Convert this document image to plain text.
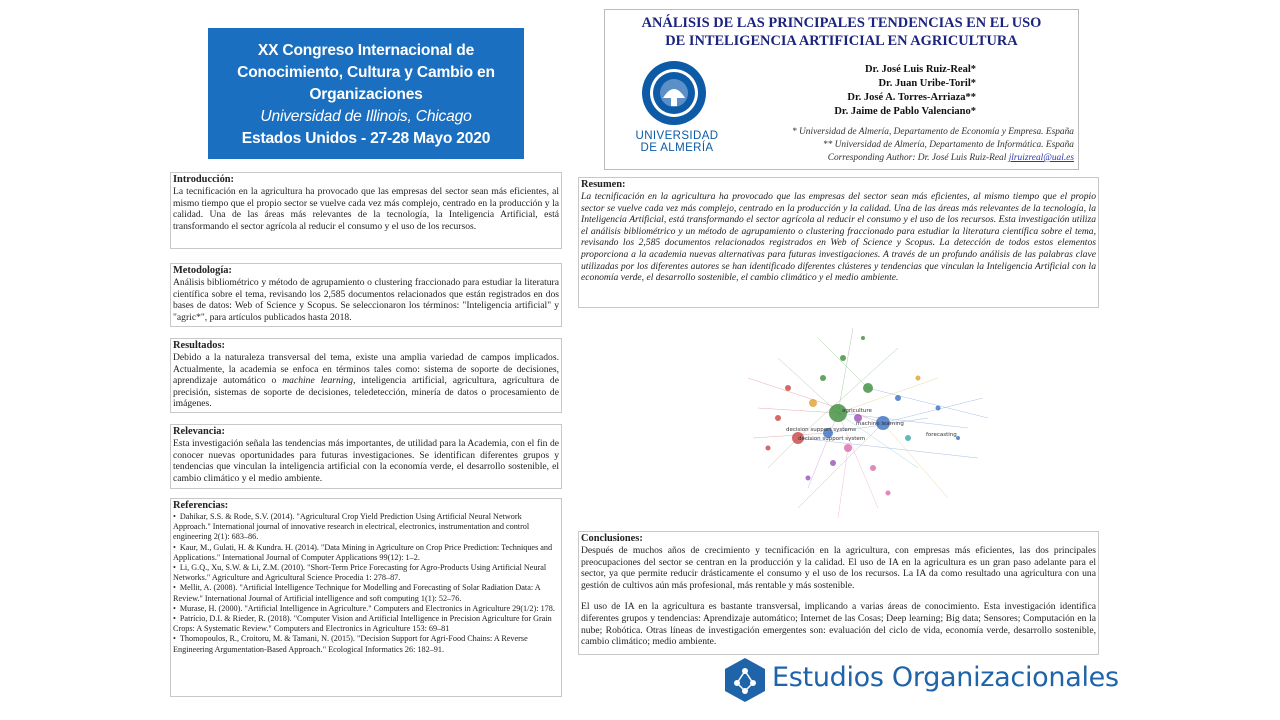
XX Congreso Internacional de
Conocimiento, Cultura y Cambio en
Organizaciones
Universidad de Illinois, Chicago
Estados Unidos - 27-28 Mayo 2020
ANÁLISIS DE LAS PRINCIPALES TENDENCIAS EN EL USO
DE INTELIGENCIA ARTIFICIAL EN AGRICULTURA
UNIVERSIDAD
DE ALMERÍA
Dr. José Luis Ruiz-Real*
Dr. Juan Uribe-Toril*
Dr. José A. Torres-Arriaza**
Dr. Jaime de Pablo Valenciano*
* Universidad de Almería, Departamento de Economía y Empresa. España
** Universidad de Almería, Departamento de Informática. España
Corresponding Author: Dr. José Luis Ruiz-Real jlruizreal@ual.es
Introducción:

La tecnificación en la agricultura ha provocado que las empresas del sector sean más eficientes, al mismo tiempo que el propio sector se vuelve cada vez más complejo, centrado en la producción y la calidad. Una de las áreas más relevantes de la tecnología, la Inteligencia Artificial, está transformando el sector agrícola al reducir el consumo y el uso de los recursos.

Metodología:

Análisis bibliométrico y método de agrupamiento o clustering fraccionado para estudiar la literatura científica sobre el tema, revisando los 2,585 documentos relacionados que están registrados en dos bases de datos: Web of Science y Scopus. Se seleccionaron los términos: "Inteligencia artificial" y "agric*", para artículos publicados hasta 2018.

Resultados:

Debido a la naturaleza transversal del tema, existe una amplia variedad de campos implicados. Actualmente, la academia se enfoca en términos tales como: sistema de soporte de decisiones, aprendizaje automático o machine learning, inteligencia artificial, agricultura, agricultura de precisión, sistemas de soporte de decisiones, teledetección, minería de datos o procesamiento de imágenes.

Relevancia:

Esta investigación señala las tendencias más importantes, de utilidad para la Academia, con el fin de conocer nuevas oportunidades para futuras investigaciones. Se identifican diferentes grupos y tendencias que vinculan la inteligencia artificial con la economía verde, el desarrollo sostenible, el cambio climático y el medio ambiente.

Referencias:
• Dahikar, S.S. & Rode, S.V. (2014). "Agricultural Crop Yield Prediction Using Artificial Neural Network Approach." International journal of innovative research in electrical, electronics, instrumentation and control engineering 2(1): 683–86.
• Kaur, M., Gulati, H. & Kundra. H. (2014). "Data Mining in Agriculture on Crop Price Prediction: Techniques and Applications." International Journal of Computer Applications 99(12): 1–2.
• Li, G.Q., Xu, S.W. & Li, Z.M. (2010). "Short-Term Price Forecasting for Agro-Products Using Artificial Neural Networks." Agriculture and Agricultural Science Procedia 1: 278–87.
• Mellit, A. (2008). "Artificial Intelligence Technique for Modelling and Forecasting of Solar Radiation Data: A Review." International Journal of Artificial intelligence and soft computing 1(1): 52–76.
• Murase, H. (2000). "Artificial Intelligence in Agriculture." Computers and Electronics in Agriculture 29(1/2): 178.
• Patrício, D.I. & Rieder, R. (2018). "Computer Vision and Artificial Intelligence in Precision Agriculture for Grain Crops: A Systematic Review." Computers and Electronics in Agriculture 153: 69–81
• Thomopoulos, R., Croitoru, M. & Tamani, N. (2015). "Decision Support for Agri-Food Chains: A Reverse Engineering Argumentation-Based Approach." Ecological Informatics 26: 182–91.
Resumen:

La tecnificación en la agricultura ha provocado que las empresas del sector sean más eficientes, al mismo tiempo que el propio sector se vuelve cada vez más complejo, centrado en la producción y la calidad. Una de las áreas más relevantes de la tecnología, la Inteligencia Artificial, está transformando el sector agrícola al reducir el consumo y el uso de los recursos. Esta investigación utiliza el análisis bibliométrico y un método de agrupamiento o clustering fraccionado para estudiar la literatura científica sobre el tema, revisando los 2,585 documentos relacionados registrados en Web of Science y Scopus. La detección de todos estos elementos proporciona a la academia nuevas alternativas para futuras investigaciones. A través de un profundo análisis de las palabras clave utilizadas por los diferentes autores se han identificado diferentes clústeres y tendencias que vinculan la Inteligencia Artificial con la economía verde, el desarrollo sostenible, el cambio climático y el medio ambiente.

agriculture
machine learning
decision support system
decision support systems
forecasting
Conclusiones:

Después de muchos años de crecimiento y tecnificación en la agricultura, con empresas más eficientes, las dos principales preocupaciones del sector se centran en la producción y la calidad. El uso de IA en la agricultura es un gran paso adelante para el sector, ya que permite reducir drásticamente el consumo y el uso de los recursos. La IA da como resultado una agricultura con una gestión de cultivos aún más profesional, más rentable y más sostenible.

El uso de IA en la agricultura es bastante transversal, implicando a varias áreas de conocimiento. Esta investigación identifica diferentes grupos y tendencias: Aprendizaje automático; Internet de las Cosas; Deep learning; Big data; Sensores; Computación en la nube; Robótica. Otras líneas de investigación emergentes son: evaluación del ciclo de vida, economía verde, desarrollo sostenible, cambio climático; medio ambiente.

Estudios Organizacionales
